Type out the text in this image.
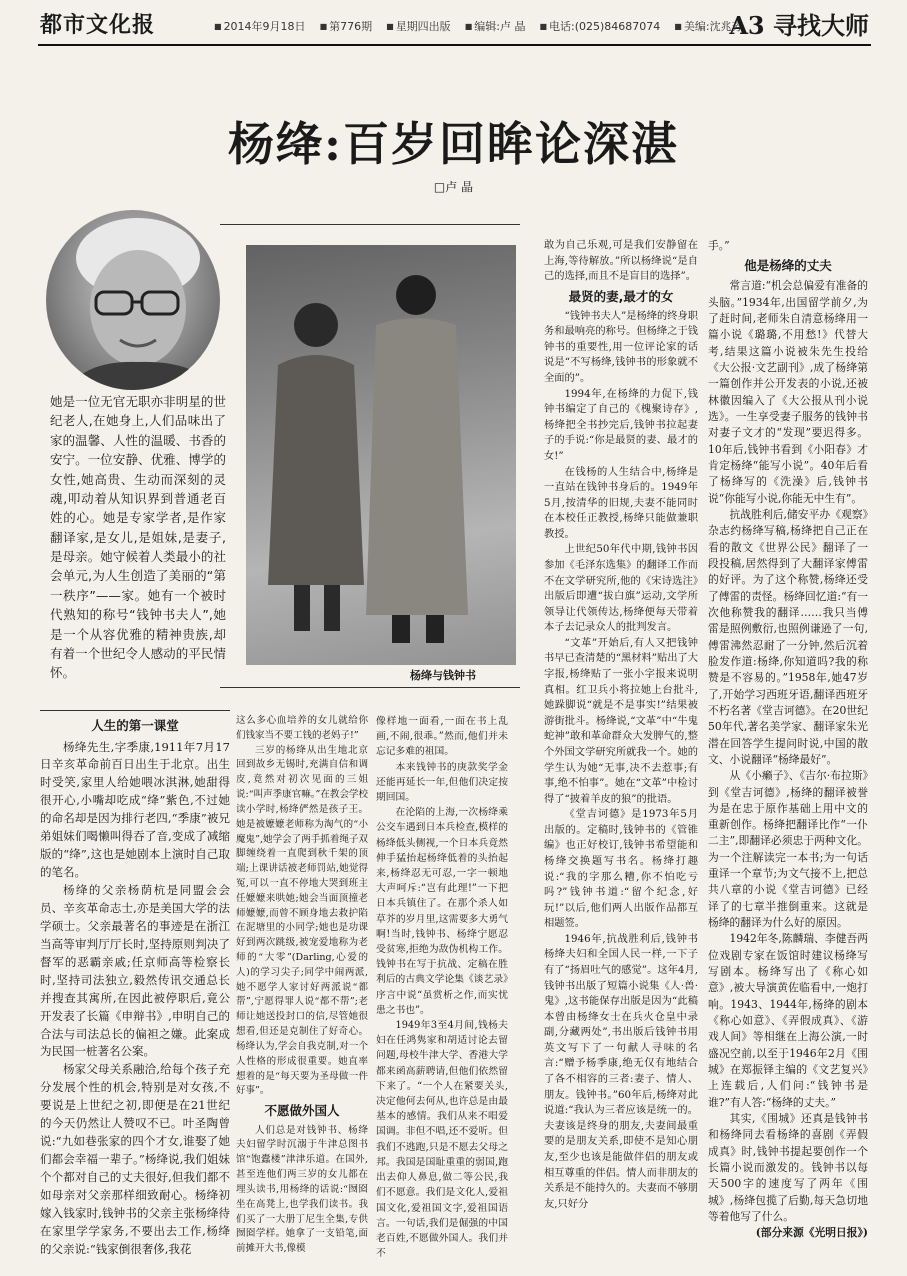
都市文化报	■ 2014年9月18日	■ 第776期	■ 星期四出版	■ 编辑:卢 晶	■ 电话:(025)84687074	■ 美编:沈兆芳
A3 寻找大师
杨绛:百岁回眸论深湛
□卢 晶
她是一位无官无职亦非明星的世纪老人,在她身上,人们品味出了家的温馨、人性的温暖、书香的安宁。一位安静、优雅、博学的女性,她高贵、生动而深刻的灵魂,叩动着从知识界到普通老百姓的心。她是专家学者,是作家翻译家,是女儿,是姐妹,是妻子,是母亲。她守候着人类最小的社会单元,为人生创造了美丽的“第一秩序”——家。她有一个被时代熟知的称号“钱钟书夫人”,她是一个从容优雅的精神贵族,却有着一个世纪令人感动的平民情怀。	杨绛与钱钟书
人生的第一课堂

杨绛先生,字季康,1911年7月17日辛亥革命前百日出生于北京。出生时受笑,家里人给她喂冰淇淋,她甜得很开心,小嘴却吃成“绛”紫色,不过她的命名却是因为排行老四,“季康”被兄弟姐妹们喝懒叫得吞了音,变成了减缩版的“绛”,这也是她剧本上演时自己取的笔名。

杨绛的父亲杨荫杭是同盟会会员、辛亥革命志士,亦是美国大学的法学硕士。父亲最著名的事迹是在浙江当高等审判厅厅长时,坚持原则判决了督军的恶霸亲戚;任京师高等检察长时,坚持司法独立,毅然传讯交通总长并搜查其寓所,在因此被停职后,竟公开发表了长篇《申辩书》,申明自己的合法与司法总长的偏袒之嫌。此案成为民国一桩著名公案。

杨家父母关系融洽,给每个孩子充分发展个性的机会,特别是对女孩,不要说是上世纪之初,即便是在21世纪的今天仍然让人赞叹不已。叶圣陶曾说:“九如巷张家的四个才女,谁娶了她们都会幸福一辈子。”杨绛说,我们姐妹个个都对自己的丈夫很好,但我们都不如母亲对父亲那样细致耐心。杨绛初嫁入钱家时,钱钟书的父亲主张杨绛待在家里学学家务,不要出去工作,杨绛的父亲说:“钱家倒很奢侈,我花

这么多心血培养的女儿就给你们钱家当不要工钱的老妈子!”

三岁的杨绛从出生地北京回到故乡无锡时,充满自信和调皮,竟然对初次见面的三姐说:“叫声季康官嘛。”在教会学校读小学时,杨绛俨然是孩子王。她是被嬷嬷老师称为淘气的“小魔鬼”,她学会了两手抓着绳子双脚缠绕着一直爬到秋千架的顶端;上课讲话被老师罚站,她觉得冤,可以一直不停地大哭到班主任嬷嬷来哄她;她会当面顶撞老师嬷嬷,而曾不顾身地去救护陷在泥塘里的小同学;她也是功课好到两次跳级,被宠爱地称为老师的“大零”(Darling,心爱的人)的学习尖子;同学中闹两派,她不愿学人家讨好两派说“都帮”,宁愿得罪人说“都不帮”;老师让她送投封口的信,尽管她很想看,但还是克制住了好奇心。杨绛认为,学会自我克制,对一个人性格的形成很重要。她直率想着的是“每天要为圣母做一件好事”。

不愿做外国人

人们总是对钱钟书、杨绛夫妇留学时沉溺于牛津总图书馆“饱蠹楼”津津乐道。在国外,甚至连他们两三岁的女儿都在埋头读书,用杨绛的话说:“囫囵坐在高凳上,也学我们读书。我们买了一大册丁尼生全集,专供囫囵学样。她拿了一支铅笔,面前摊开大书,像模

像样地一面看,一面在书上乱画,不闹,很乖。”然而,他们并未忘记多难的祖国。

本来钱钟书的庚款奖学金还能再延长一年,但他们决定按期回国。

在沦陷的上海,一次杨绛乘公交车遇到日本兵检查,模样的杨绛低头侧视,一个日本兵竟然伸手猛抬起杨绛低着的头抬起来,杨绛忍无可忍,一字一顿地大声呵斥:“岂有此理!”一下把日本兵镇住了。在那个杀人如草芥的岁月里,这需要多大勇气啊!当时,钱钟书、杨绛宁愿忍受贫寒,拒绝为敌伪机构工作。钱钟书在写于抗战、定稿在胜利后的古典文学论集《谈艺录》序言中说“虽赏析之作,而实忧患之书也”。

1949年3至4月间,钱杨夫妇在任鸿隽家和胡适讨论去留问题,母校牛津大学、香港大学都来函高薪聘请,但他们依然留下来了。“一个人在紧要关头,决定他何去何从,也许总是由最基本的感情。我们从来不唱爱国调。非但不唱,还不爱听。但我们不逃跑,只是不愿去父母之邦。我国是国耻重重的弱国,跑出去仰人鼻息,做二等公民,我们不愿意。我们是文化人,爱祖国文化,爱祖国文字,爱祖国语言。一句话,我们是倔强的中国老百姓,不愿做外国人。我们并不

敢为自己乐观,可是我们安静留在上海,等待解放。”所以杨绛说“是自己的选择,而且不是盲目的选择”。

最贤的妻,最才的女

“钱钟书夫人”是杨绛的终身职务和最响亮的称号。但杨绛之于钱钟书的重要性,用一位评论家的话说是“不写杨绛,钱钟书的形象就不全面的”。

1994年,在杨绛的力促下,钱钟书编定了自己的《槐聚诗存》,杨绛把全书抄完后,钱钟书拉起妻子的手说:“你是最贤的妻、最才的女!”

在钱杨的人生结合中,杨绛是一直站在钱钟书身后的。1949年5月,按清华的旧规,夫妻不能同时在本校任正教授,杨绛只能做兼职教授。

上世纪50年代中期,钱钟书因参加《毛泽东选集》的翻译工作而不在文学研究所,他的《宋诗选注》出版后即遭“拔白旗”运动,文学所领导让代领传达,杨绛便每天带着本子去记录众人的批判发言。

“文革”开始后,有人又把钱钟书早已查清楚的“黑材料”贴出了大字报,杨绛贴了一张小字报来说明真相。红卫兵小将拉她上台批斗,她跺脚说“就是不是事实!”结果被游街批斗。杨绛说,“文革”中“牛鬼蛇神”敢和革命群众大发脾气的,整个外国文学研究所就我一个。她的学生认为她“无事,决不去惹事;有事,绝不怕事”。她在“文革”中检讨得了“披着羊皮的狼”的批语。

《堂吉诃德》是1973年5月出版的。定稿时,钱钟书的《管锥编》也正好校订,钱钟书希望能和杨绛交换题写书名。杨绛打趣说:“我的字那么糟,你不怕吃亏吗?”钱钟书道:“留个纪念,好玩!”以后,他们两人出版作品都互相题签。

1946年,抗战胜利后,钱钟书杨绛夫妇和全国人民一样,一下子有了“扬眉吐气的感觉”。这年4月,钱钟书出版了短篇小说集《人·兽·鬼》,这书能保存出版是因为“此稿本曾由杨绛女士在兵火仓皇中录副,分藏两处”,书出版后钱钟书用英文写下了一句献人寻味的名言:“赠予杨季康,绝无仅有地结合了各不相容的三者:妻子、情人、朋友。钱钟书。”60年后,杨绛对此说道:“我认为三者应该是统一的。夫妻该是终身的朋友,夫妻间最重要的是朋友关系,即使不是知心朋友,至少也该是能做伴侣的朋友或相互尊重的伴侣。情人而非朋友的关系是不能持久的。夫妻而不够朋友,只好分

手。”

他是杨绛的丈夫

常言道:“机会总偏爱有准备的头脑。”1934年,出国留学前夕,为了赶时间,老师朱自清意杨绛用一篇小说《璐璐,不用愁!》代替大考,结果这篇小说被朱先生投给《大公报·文艺副刊》,成了杨绛第一篇创作并公开发表的小说,还被林徽因编入了《大公报从刊小说选》。一生享受妻子服务的钱钟书对妻子文才的“发现”要迟得多。10年后,钱钟书看到《小阳春》才肯定杨绛“能写小说”。40年后看了杨绛写的《洗澡》后,钱钟书说“你能写小说,你能无中生有”。

抗战胜利后,储安平办《观察》杂志约杨绛写稿,杨绛把自己正在看的散文《世界公民》翻译了一段投稿,居然得到了大翻译家傅雷的好评。为了这个称赞,杨绛还受了傅雷的责怪。杨绛回忆道:“有一次他称赞我的翻译……我只当傅雷是照例敷衍,也照例谦逊了一句,傅雷沸然忍耐了一分钟,然后沉着脸发作道:杨绛,你知道吗?我的称赞是不容易的。”1958年,她47岁了,开始学习西班牙语,翻译西班牙不朽名著《堂吉诃德》。在20世纪50年代,著名美学家、翻译家朱光潜在回答学生提问时说,中国的散文、小说翻译“杨绛最好”。

从《小癞子》、《吉尔·布拉斯》到《堂吉诃德》,杨绛的翻译被誉为是在忠于原作基础上用中文的重新创作。杨绛把翻译比作“一仆二主”,即翻译必须忠于两种文化。为一个注解读完一本书;为一句话重译一个章节;为文气接不上,把总共八章的小说《堂吉诃德》已经译了的七章半推倒重来。这就是杨绛的翻译为什么好的原因。

1942年冬,陈麟瑞、李健吾两位戏剧专家在饭馆时建议杨绛写写剧本。杨绛写出了《称心如意》,被大导演黄佐临看中,一炮打响。1943、1944年,杨绛的剧本《称心如意》、《弄假成真》、《游戏人间》等相继在上海公演,一时盛况空前,以至于1946年2月《围城》在郑振铎主编的《文艺复兴》上连载后,人们问:“钱钟书是谁?”有人答:“杨绛的丈夫。”

其实,《围城》还真是钱钟书和杨绛同去看杨绛的喜剧《弄假成真》时,钱钟书提起要创作一个长篇小说而激发的。钱钟书以每天500字的速度写了两年《围城》,杨绛包揽了后勤,每天急切地等着他写了什么。

(部分来源《光明日报》)
